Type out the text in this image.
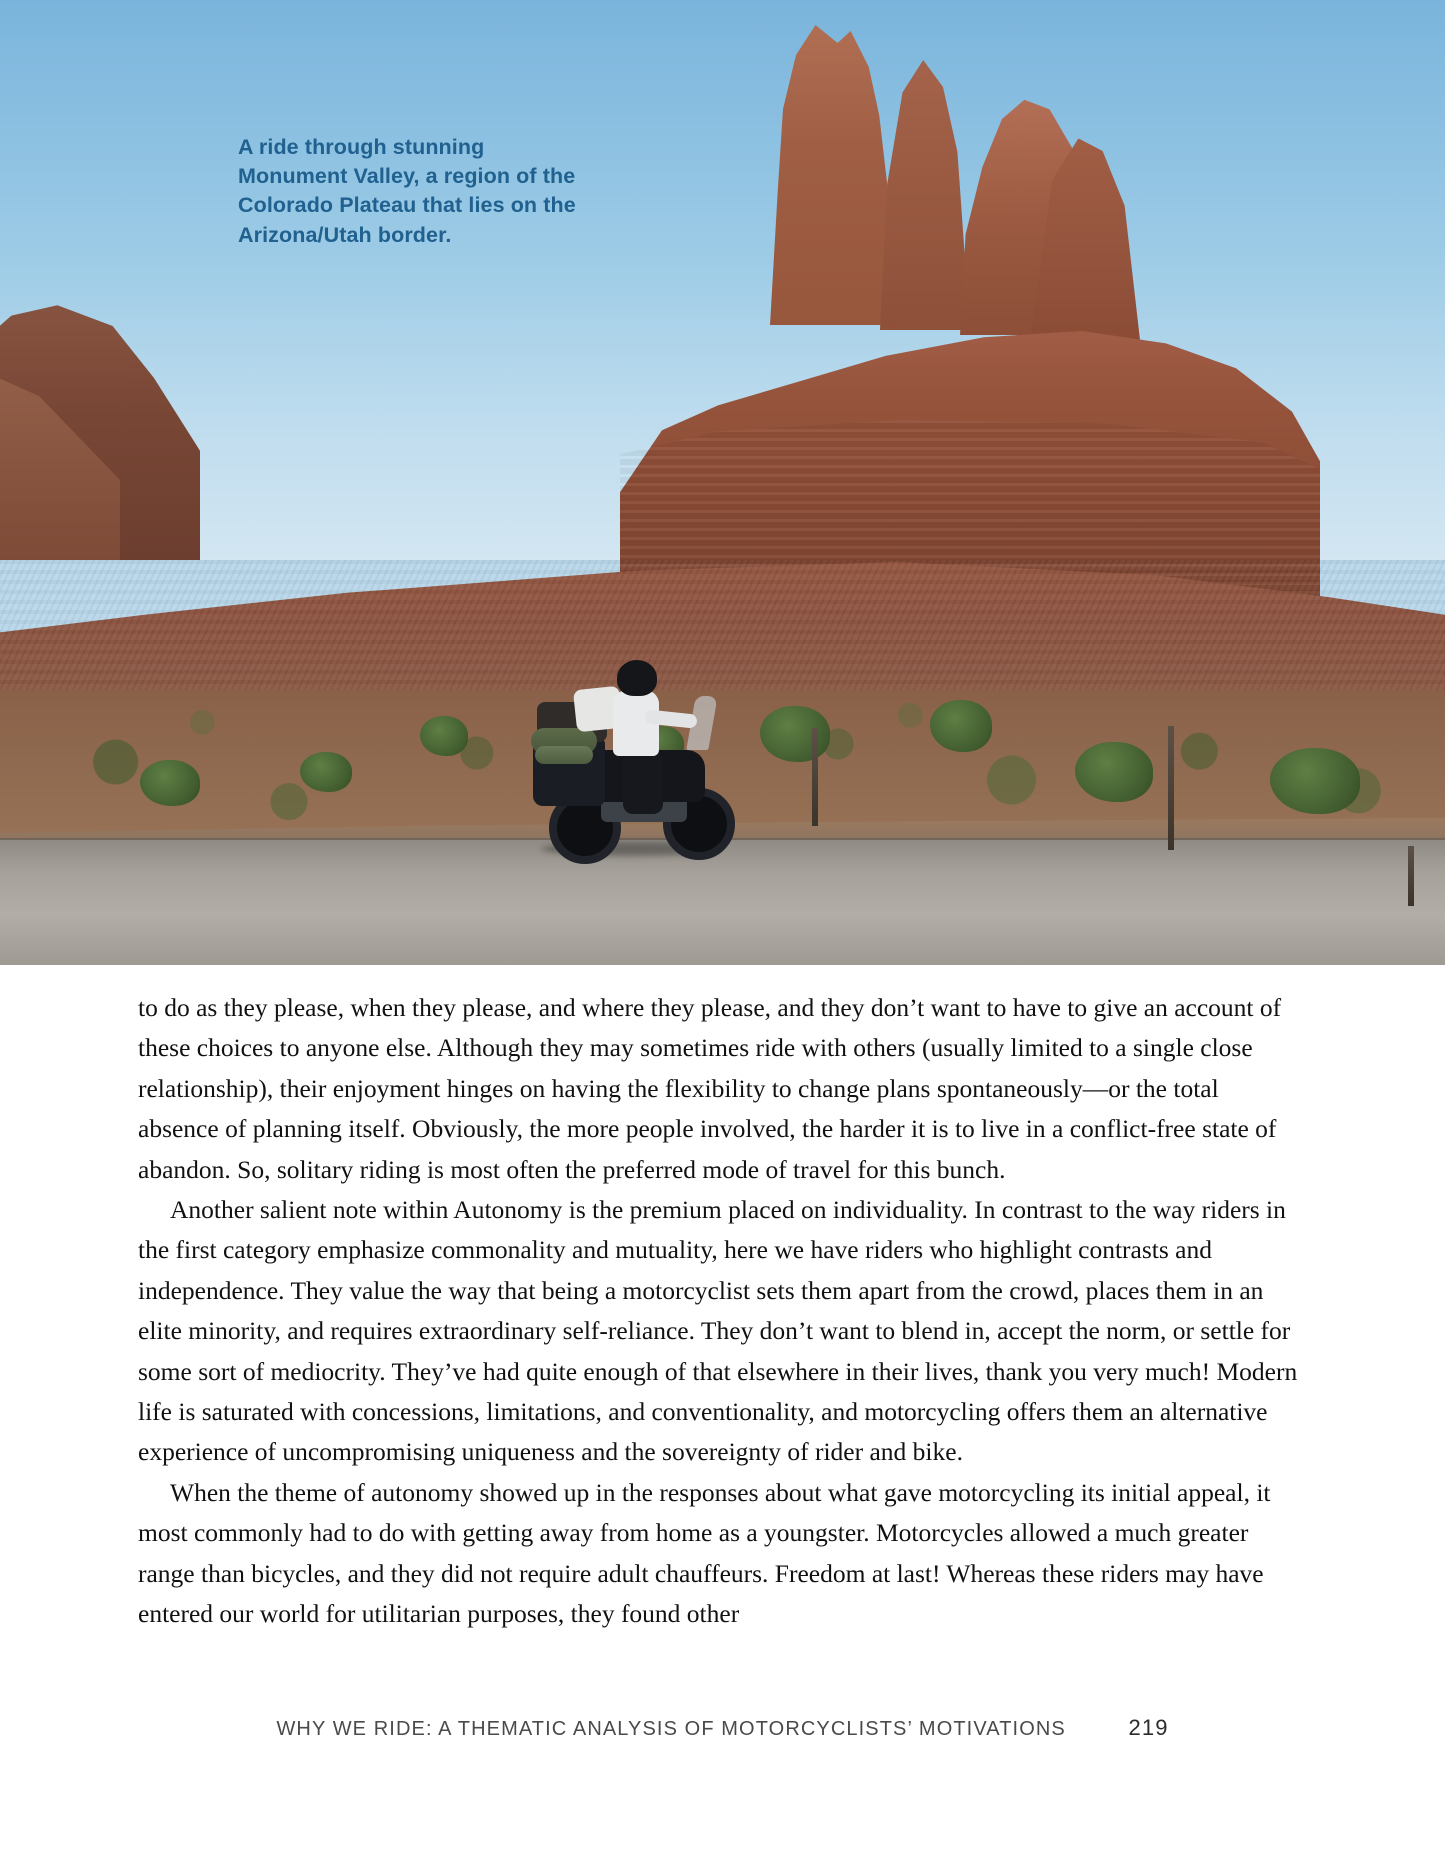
A ride through stunning Monument Valley, a region of the Colorado Plateau that lies on the Arizona/Utah border.

to do as they please, when they please, and where they please, and they don’t want to have to give an account of these choices to anyone else. Although they may sometimes ride with others (usually limited to a single close relationship), their enjoyment hinges on having the flexibility to change plans spontaneously—or the total absence of planning itself. Obviously, the more people involved, the harder it is to live in a conflict-free state of abandon. So, solitary riding is most often the preferred mode of travel for this bunch.

Another salient note within Autonomy is the premium placed on individuality. In contrast to the way riders in the first category emphasize commonality and mutuality, here we have riders who highlight contrasts and independence. They value the way that being a motorcyclist sets them apart from the crowd, places them in an elite minority, and requires extraordinary self-reliance. They don’t want to blend in, accept the norm, or settle for some sort of mediocrity. They’ve had quite enough of that elsewhere in their lives, thank you very much! Modern life is saturated with concessions, limitations, and conventionality, and motorcycling offers them an alternative experience of uncompromising uniqueness and the sovereignty of rider and bike.

When the theme of autonomy showed up in the responses about what gave motorcycling its initial appeal, it most commonly had to do with getting away from home as a youngster. Motorcycles allowed a much greater range than bicycles, and they did not require adult chauffeurs. Freedom at last! Whereas these riders may have entered our world for utilitarian purposes, they found other

WHY WE RIDE: A THEMATIC ANALYSIS OF MOTORCYCLISTS’ MOTIVATIONS	219
